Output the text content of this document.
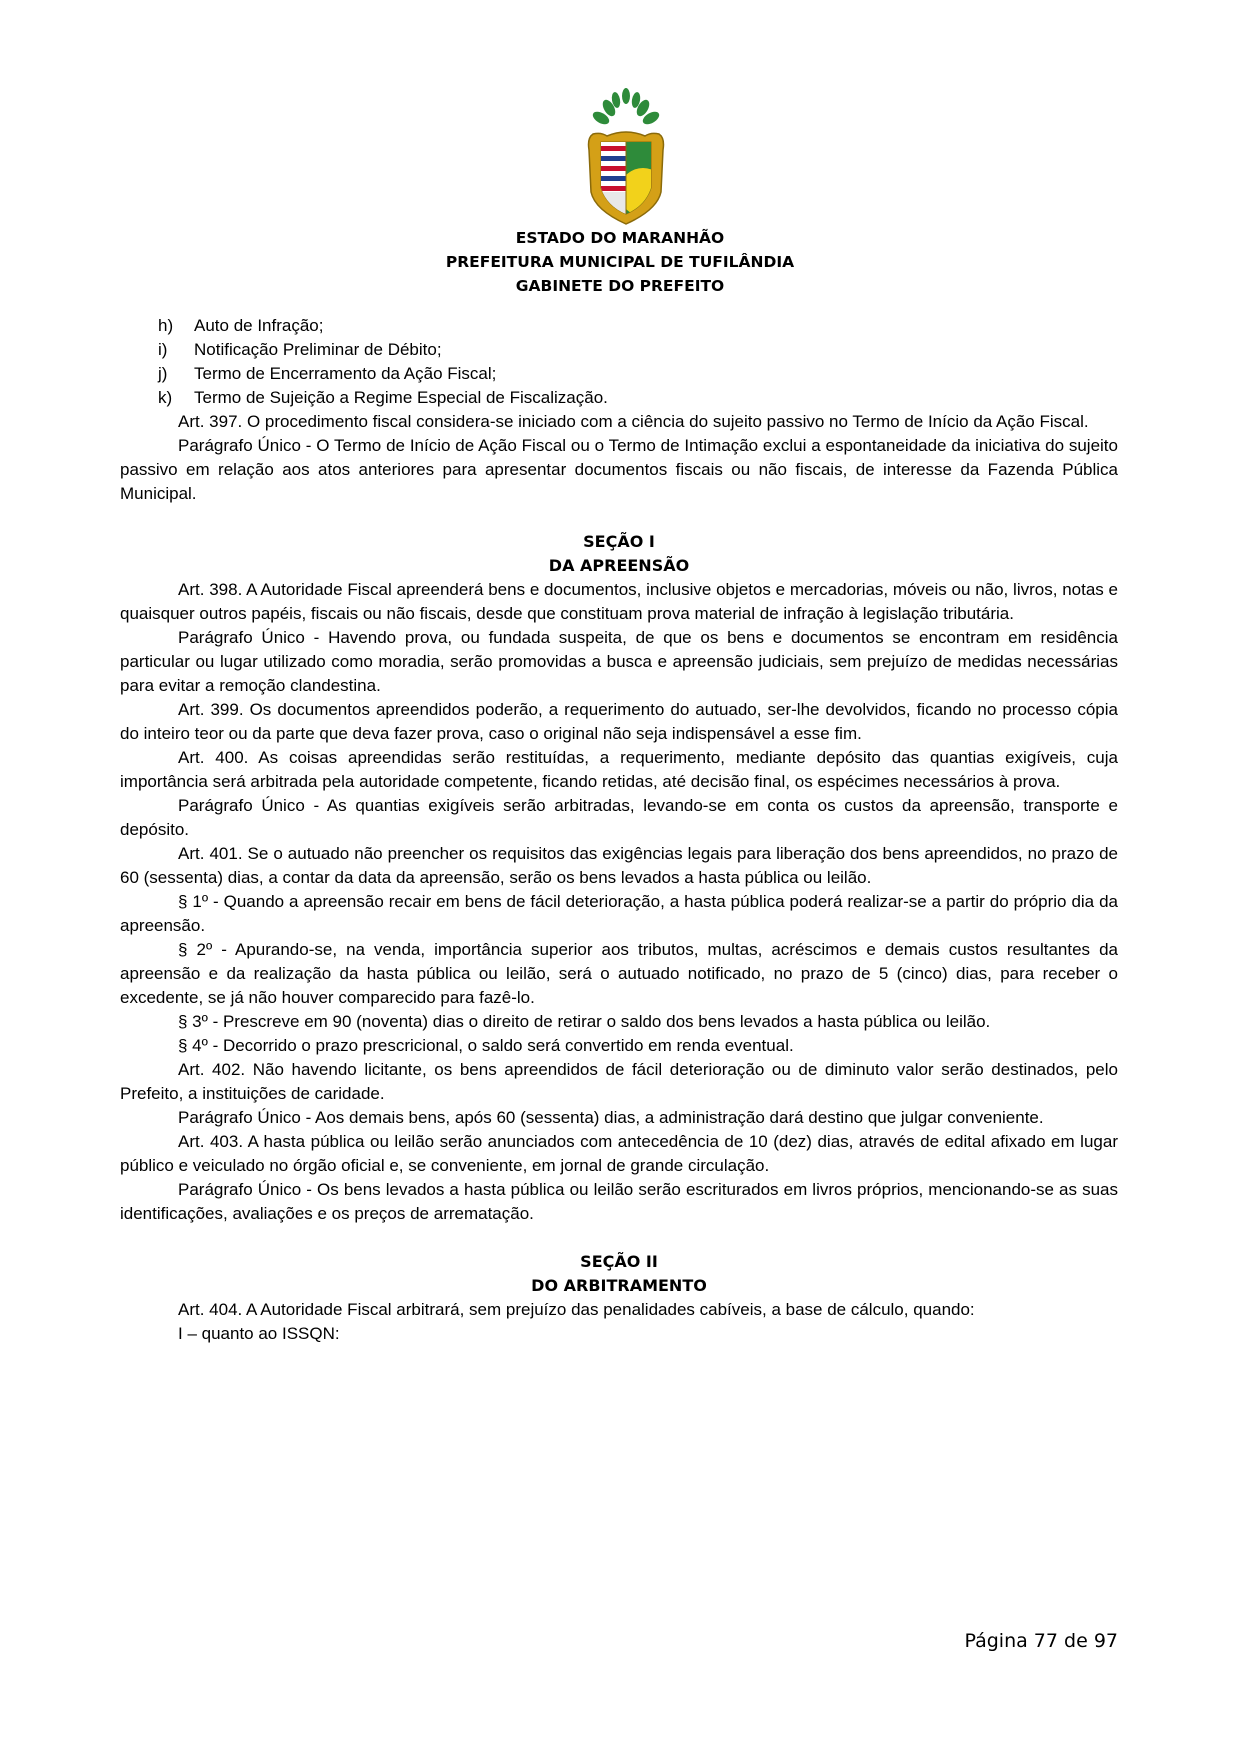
ESTADO DO MARANHÃO
PREFEITURA MUNICIPAL DE TUFILÂNDIA
GABINETE DO PREFEITO
h)	Auto de Infração;
i)	Notificação Preliminar de Débito;
j)	Termo de Encerramento da Ação Fiscal;
k)	Termo de Sujeição a Regime Especial de Fiscalização.

Art. 397. O procedimento fiscal considera-se iniciado com a ciência do sujeito passivo no Termo de Início da Ação Fiscal.

Parágrafo Único - O Termo de Início de Ação Fiscal ou o Termo de Intimação exclui a espontaneidade da iniciativa do sujeito passivo em relação aos atos anteriores para apresentar documentos fiscais ou não fiscais, de interesse da Fazenda Pública Municipal.

SEÇÃO I

DA APREENSÃO

Art. 398. A Autoridade Fiscal apreenderá bens e documentos, inclusive objetos e mercadorias, móveis ou não, livros, notas e quaisquer outros papéis, fiscais ou não fiscais, desde que constituam prova material de infração à legislação tributária.

Parágrafo Único - Havendo prova, ou fundada suspeita, de que os bens e documentos se encontram em residência particular ou lugar utilizado como moradia, serão promovidas a busca e apreensão judiciais, sem prejuízo de medidas necessárias para evitar a remoção clandestina.

Art. 399. Os documentos apreendidos poderão, a requerimento do autuado, ser-lhe devolvidos, ficando no processo cópia do inteiro teor ou da parte que deva fazer prova, caso o original não seja indispensável a esse fim.

Art. 400. As coisas apreendidas serão restituídas, a requerimento, mediante depósito das quantias exigíveis, cuja importância será arbitrada pela autoridade competente, ficando retidas, até decisão final, os espécimes necessários à prova.

Parágrafo Único - As quantias exigíveis serão arbitradas, levando-se em conta os custos da apreensão, transporte e depósito.

Art. 401. Se o autuado não preencher os requisitos das exigências legais para liberação dos bens apreendidos, no prazo de 60 (sessenta) dias, a contar da data da apreensão, serão os bens levados a hasta pública ou leilão.

§ 1º - Quando a apreensão recair em bens de fácil deterioração, a hasta pública poderá realizar-se a partir do próprio dia da apreensão.

§ 2º - Apurando-se, na venda, importância superior aos tributos, multas, acréscimos e demais custos resultantes da apreensão e da realização da hasta pública ou leilão, será o autuado notificado, no prazo de 5 (cinco) dias, para receber o excedente, se já não houver comparecido para fazê-lo.

§ 3º - Prescreve em 90 (noventa) dias o direito de retirar o saldo dos bens levados a hasta pública ou leilão.

§ 4º - Decorrido o prazo prescricional, o saldo será convertido em renda eventual.

Art. 402. Não havendo licitante, os bens apreendidos de fácil deterioração ou de diminuto valor serão destinados, pelo Prefeito, a instituições de caridade.

Parágrafo Único - Aos demais bens, após 60 (sessenta) dias, a administração dará destino que julgar conveniente.

Art. 403. A hasta pública ou leilão serão anunciados com antecedência de 10 (dez) dias, através de edital afixado em lugar público e veiculado no órgão oficial e, se conveniente, em jornal de grande circulação.

Parágrafo Único - Os bens levados a hasta pública ou leilão serão escriturados em livros próprios, mencionando-se as suas identificações, avaliações e os preços de arrematação.

SEÇÃO II

DO ARBITRAMENTO

Art. 404. A Autoridade Fiscal arbitrará, sem prejuízo das penalidades cabíveis, a base de cálculo, quando:

I – quanto ao ISSQN:

Página 77 de 97
